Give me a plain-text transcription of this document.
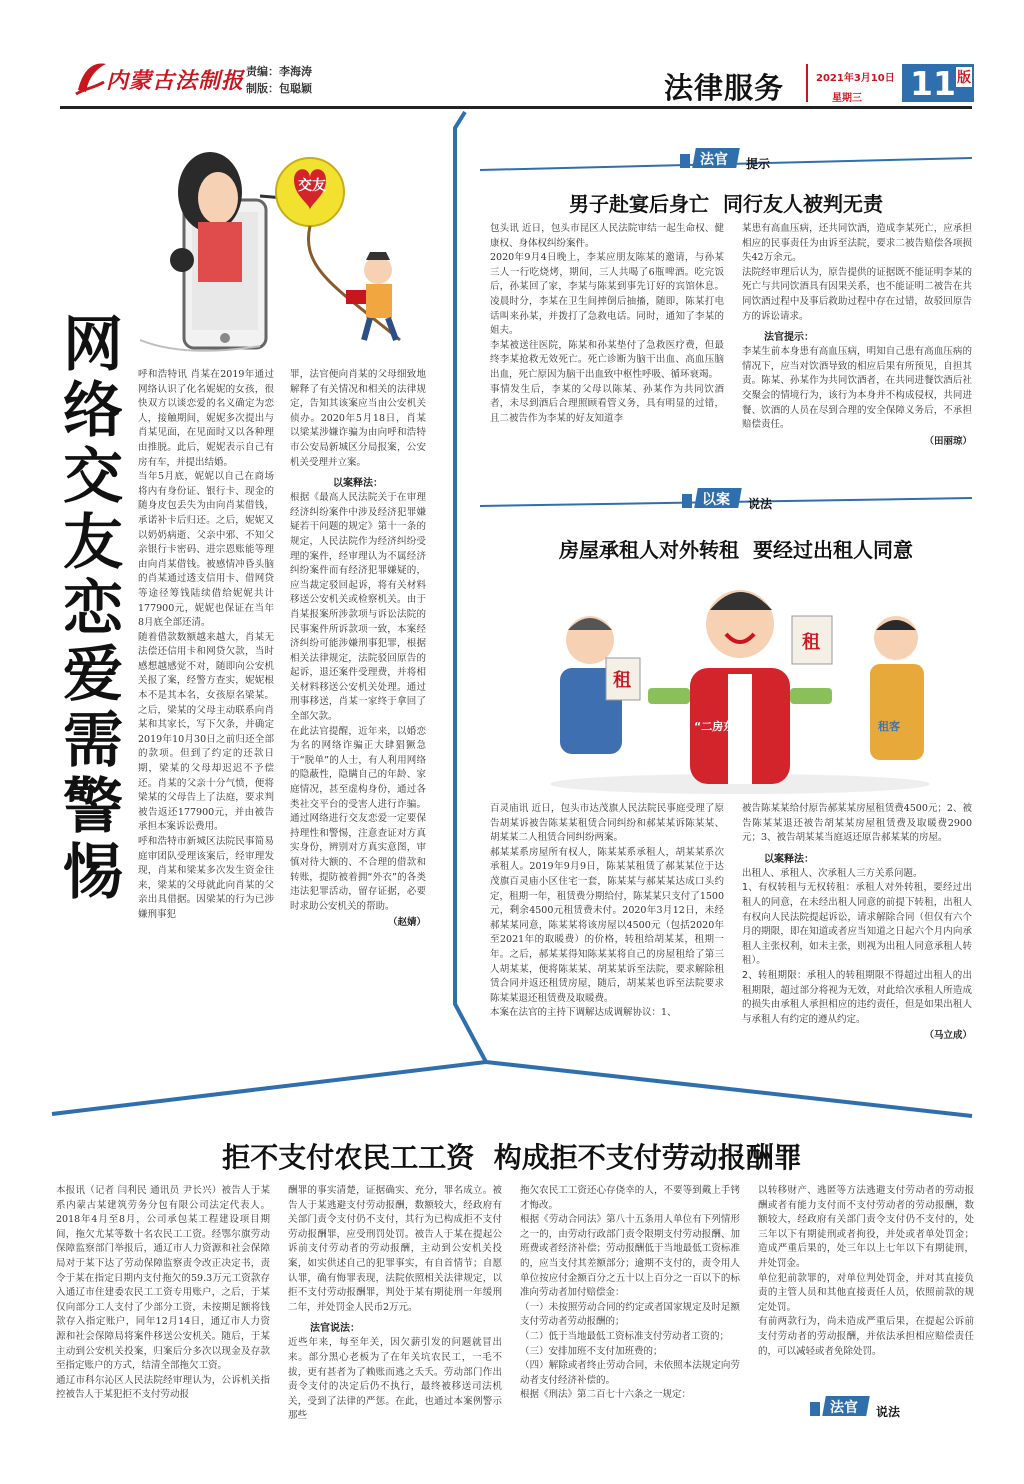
内蒙古法制报 责编：李海涛
制版：包聪颖	法律服务	2021年3月10日
星期三	11 版
交友
网络交友恋爱需警惕

呼和浩特讯 肖某在2019年通过网络认识了化名妮妮的女孩，很快双方以谈恋爱的名义确定为恋人，接触期间，妮妮多次提出与肖某见面，在见面时又以各种理由推脱。此后，妮妮表示自己有房有车，并提出结婚。
当年5月底，妮妮以自己在商场将内有身份证、银行卡、现金的随身皮包丢失为由向肖某借钱，承诺补卡后归还。之后，妮妮又以奶奶病逝、父亲中邪、不知父亲银行卡密码、进宗恩账能等理由向肖某借钱。被感情冲昏头脑的肖某通过透支信用卡、借网贷等途径筹钱陆续借给妮妮共计177900元，妮妮也保证在当年8月底全部还清。
随着借款数额越来越大，肖某无法偿还信用卡和网贷欠款，当时感想越感觉不对，随即向公安机关报了案，经警方查实，妮妮根本不是其本名，女孩原名梁某。之后，梁某的父母主动联系向肖某和其家长，写下欠条，并确定2019年10月30日之前归还全部的款项。但到了约定的还款日期，梁某的父母却迟迟不予偿还。肖某的父亲十分气愤，便将梁某的父母告上了法庭，要求判被告返还177900元，并由被告承担本案诉讼费用。
呼和浩特市新城区法院民事简易庭审团队受理该案后，经审理发现，肖某和梁某多次发生资金往来，梁某的父母就此向肖某的父亲出具借据。因梁某的行为已涉嫌刑事犯

罪，法官便向肖某的父母细致地解释了有关情况和相关的法律规定，告知其该案应当由公安机关侦办。2020年5月18日，肖某以梁某涉嫌诈骗为由向呼和浩特市公安局新城区分局报案，公安机关受理并立案。

以案释法：

根据《最高人民法院关于在审理经济纠纷案件中涉及经济犯罪嫌疑若干问题的规定》第十一条的规定，人民法院作为经济纠纷受理的案件，经审理认为不属经济纠纷案件而有经济犯罪嫌疑的，应当裁定驳回起诉，将有关材料移送公安机关或检察机关。由于肖某报案所涉款项与诉讼法院的民事案件所诉款项一致，本案经济纠纷可能涉嫌刑事犯罪，根据相关法律规定，法院驳回原告的起诉，退还案件受理费，并将相关材料移送公安机关处理。通过刑事移送，肖某一家终于拿回了全部欠款。
在此法官提醒，近年来，以婚恋为名的网络诈骗正大肆猖獗急于“脱单”的人士，有人利用网络的隐蔽性，隐瞒自己的年龄、家庭情况，甚至虚构身份，通过各类社交平台的受害人进行诈骗。通过网络进行交友恋爱一定要保持理性和警惕，注意查证对方真实身份，辨别对方真实意图，审慎对待大额的、不合理的借款和转账，提防被着拥“外衣”的各类违法犯罪活动，留存证据，必要时求助公安机关的帮助。

（赵婧）
法官 提示
男子赴宴后身亡  同行友人被判无责

包头讯 近日，包头市昆区人民法院审结一起生命权、健康权、身体权纠纷案件。
2020年9月4日晚上，李某应朋友陈某的邀请，与孙某三人一行吃烧烤，期间，三人共喝了6瓶啤酒。吃完饭后，孙某回了家，李某与陈某到事先订好的宾馆休息。凌晨时分，李某在卫生间摔倒后抽搐，随即，陈某打电话叫来孙某，并拨打了急救电话。同时，通知了李某的姐夫。
李某被送往医院，陈某和孙某垫付了急救医疗费，但最终李某抢救无效死亡。死亡诊断为脑干出血、高血压脑出血，死亡原因为脑干出血致中枢性呼吸、循环衰竭。
事情发生后，李某的父母以陈某、孙某作为共同饮酒者，未尽到酒后合理照顾看管义务，具有明显的过错，且二被告作为李某的好友知道李

某患有高血压病，还共同饮酒，造成李某死亡，应承担相应的民事责任为由诉至法院，要求二被告赔偿各项损失42万余元。
法院经审理后认为，原告提供的证据既不能证明李某的死亡与共同饮酒具有因果关系，也不能证明二被告在共同饮酒过程中及事后救助过程中存在过错，故驳回原告方的诉讼请求。

法官提示：

李某生前本身患有高血压病，明知自己患有高血压病的情况下，应当对饮酒导致的相应后果有所预见，自担其责。陈某、孙某作为共同饮酒者，在共同进餐饮酒后社交聚会的情境行为，该行为本身并不构成侵权，共同进餐、饮酒的人员在尽到合理的安全保障义务后，不承担赔偿责任。

（田丽琼）
以案 说法
房屋承租人对外转租  要经过出租人同意
租
房东
“二房东”
租
租客

百灵庙讯 近日，包头市达茂旗人民法院民事庭受理了原告胡某诉被告陈某某租赁合同纠纷和郝某某诉陈某某、胡某某二人租赁合同纠纷两案。
郝某某系房屋所有权人，陈某某系承租人，胡某某系次承租人。2019年9月9日，陈某某租赁了郝某某位于达茂旗百灵庙小区住宅一套，陈某某与郝某某达成口头约定，租期一年，租赁费分期给付，陈某某只支付了1500元，剩余4500元租赁费未付。2020年3月12日，未经郝某某同意，陈某某将该房屋以4500元（包括2020年至2021年的取暖费）的价格，转租给胡某某，租期一年。之后，郝某某得知陈某某将自己的房屋租给了第三人胡某某，便将陈某某、胡某某诉至法院，要求解除租赁合同并返还租赁房屋，随后，胡某某也诉至法院要求陈某某退还租赁费及取暖费。
本案在法官的主持下调解达成调解协议：1、

被告陈某某给付原告郝某某房屋租赁费4500元；2、被告陈某某退还被告胡某某房屋租赁费及取暖费2900元；3、被告胡某某当庭返还原告郝某某的房屋。

以案释法：

出租人、承租人、次承租人三方关系问题。
1、有权转租与无权转租：承租人对外转租，要经过出租人的同意，在未经出租人同意的前提下转租，出租人有权向人民法院提起诉讼，请求解除合同（但仅有六个月的期限，即在知道或者应当知道之日起六个月内向承租人主张权利，如未主张，则视为出租人同意承租人转租）。
2、转租期限：承租人的转租期限不得超过出租人的出租期限，超过部分将视为无效，对此给次承租人所造成的损失由承租人承担相应的违约责任，但是如果出租人与承租人有约定的遵从约定。

（马立成）
拒不支付农民工工资  构成拒不支付劳动报酬罪

本报讯（记者 闫利民 通讯员 尹长兴）被告人于某系内蒙古某建筑劳务分包有限公司法定代表人。2018年4月至8月，公司承包某工程建设项目期间，拖欠尤某等数十名农民工工资。经鄂尔旗劳动保障监察部门举报后，通辽市人力资源和社会保障局对于某下达了劳动保障监察责令改正决定书，责令于某在指定日期内支付拖欠的59.3万元工资款存入通辽市住建委农民工工资专用账户，之后，于某仅向部分工人支付了少部分工资，未按期足额将钱款存入指定账户，同年12月14日，通辽市人力资源和社会保障局将案件移送公安机关。随后，于某主动到公安机关投案，归案后分多次以现金及存款至指定账户的方式，结清全部拖欠工资。
通辽市科尔沁区人民法院经审理认为，公诉机关指控被告人于某犯拒不支付劳动报

酬罪的事实清楚，证据确实、充分，罪名成立。被告人于某逃避支付劳动报酬，数额较大，经政府有关部门责令支付仍不支付，其行为已构成拒不支付劳动报酬罪，应受刑罚处罚。被告人于某在提起公诉前支付劳动者的劳动报酬，主动到公安机关投案，如实供述自己的犯罪事实，有自首情节；自愿认罪，确有悔罪表现，法院依照相关法律规定，以拒不支付劳动报酬罪，判处于某有期徒刑一年缓刑二年，并处罚金人民币2万元。

法官说法：

近些年来，每至年关，因欠薪引发的问题就冒出来。部分黑心老板为了在年关坑农民工，一毛不拔，更有甚者为了赖账而逃之夭夭。劳动部门作出责令支付的决定后仍不执行，最终被移送司法机关，受到了法律的严惩。在此，也通过本案例警示那些

拖欠农民工工资还心存侥幸的人，不要等到戴上手铐才悔改。
根据《劳动合同法》第八十五条用人单位有下列情形之一的，由劳动行政部门责令限期支付劳动报酬、加班费或者经济补偿；劳动报酬低于当地最低工资标准的，应当支付其差额部分；逾期不支付的，责令用人单位按应付金额百分之五十以上百分之一百以下的标准向劳动者加付赔偿金：
（一）未按照劳动合同的约定或者国家规定及时足额支付劳动者劳动报酬的；
（二）低于当地最低工资标准支付劳动者工资的；
（三）安排加班不支付加班费的；
（四）解除或者终止劳动合同，未依照本法规定向劳动者支付经济补偿的。
根据《刑法》第二百七十六条之一规定：

以转移财产、逃匿等方法逃避支付劳动者的劳动报酬或者有能力支付而不支付劳动者的劳动报酬，数额较大，经政府有关部门责令支付仍不支付的，处三年以下有期徒刑或者拘役，并处或者单处罚金；造成严重后果的，处三年以上七年以下有期徒刑，并处罚金。
单位犯前款罪的，对单位判处罚金，并对其直接负责的主管人员和其他直接责任人员，依照前款的规定处罚。
有前两款行为，尚未造成严重后果，在提起公诉前支付劳动者的劳动报酬，并依法承担相应赔偿责任的，可以减轻或者免除处罚。

法官 说法
